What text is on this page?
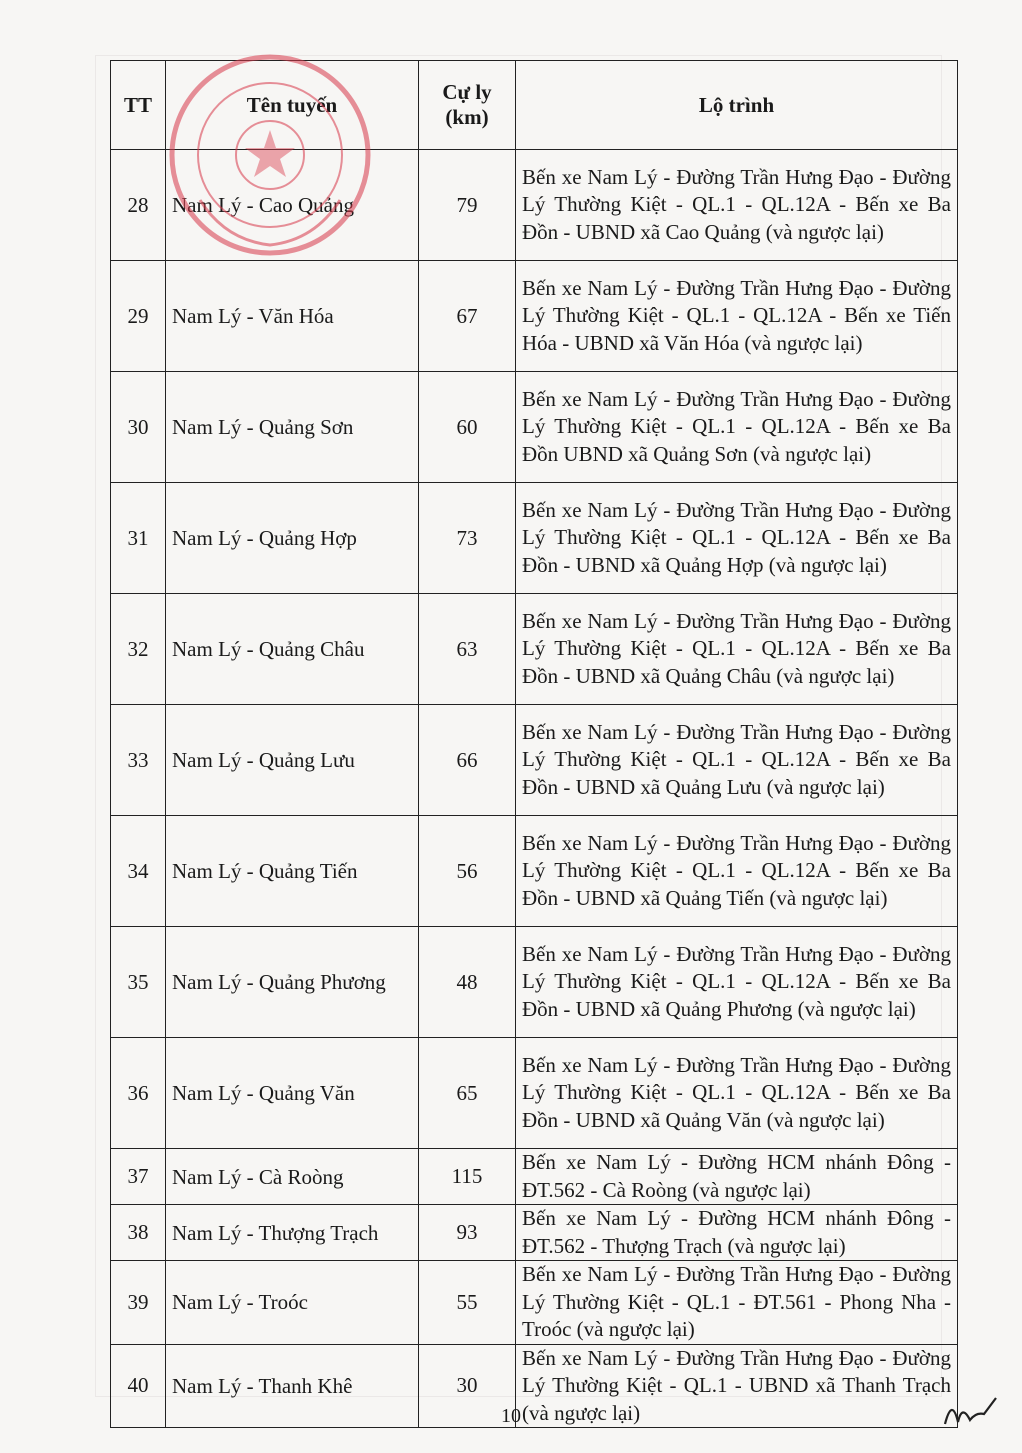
TT	Tên tuyến	Cự ly (km)	Lộ trình
28	Nam Lý - Cao Quảng	79	Bến xe Nam Lý - Đường Trần Hưng Đạo - Đường Lý Thường Kiệt - QL.1 - QL.12A - Bến xe Ba Đồn - UBND xã Cao Quảng (và ngược lại)
29	Nam Lý - Văn Hóa	67	Bến xe Nam Lý - Đường Trần Hưng Đạo - Đường Lý Thường Kiệt - QL.1 - QL.12A - Bến xe Tiến Hóa - UBND xã Văn Hóa (và ngược lại)
30	Nam Lý - Quảng Sơn	60	Bến xe Nam Lý - Đường Trần Hưng Đạo - Đường Lý Thường Kiệt - QL.1 - QL.12A - Bến xe Ba Đồn UBND xã Quảng Sơn (và ngược lại)
31	Nam Lý - Quảng Hợp	73	Bến xe Nam Lý - Đường Trần Hưng Đạo - Đường Lý Thường Kiệt - QL.1 - QL.12A - Bến xe Ba Đồn - UBND xã Quảng Hợp (và ngược lại)
32	Nam Lý - Quảng Châu	63	Bến xe Nam Lý - Đường Trần Hưng Đạo - Đường Lý Thường Kiệt - QL.1 - QL.12A - Bến xe Ba Đồn - UBND xã Quảng Châu (và ngược lại)
33	Nam Lý - Quảng Lưu	66	Bến xe Nam Lý - Đường Trần Hưng Đạo - Đường Lý Thường Kiệt - QL.1 - QL.12A - Bến xe Ba Đồn - UBND xã Quảng Lưu (và ngược lại)
34	Nam Lý - Quảng Tiến	56	Bến xe Nam Lý - Đường Trần Hưng Đạo - Đường Lý Thường Kiệt - QL.1 - QL.12A - Bến xe Ba Đồn - UBND xã Quảng Tiến (và ngược lại)
35	Nam Lý - Quảng Phương	48	Bến xe Nam Lý - Đường Trần Hưng Đạo - Đường Lý Thường Kiệt - QL.1 - QL.12A - Bến xe Ba Đồn - UBND xã Quảng Phương (và ngược lại)
36	Nam Lý - Quảng Văn	65	Bến xe Nam Lý - Đường Trần Hưng Đạo - Đường Lý Thường Kiệt - QL.1 - QL.12A - Bến xe Ba Đồn - UBND xã Quảng Văn (và ngược lại)
37	Nam Lý - Cà Roòng	115	Bến xe Nam Lý - Đường HCM nhánh Đông - ĐT.562 - Cà Roòng (và ngược lại)
38	Nam Lý - Thượng Trạch	93	Bến xe Nam Lý - Đường HCM nhánh Đông - ĐT.562 - Thượng Trạch (và ngược lại)
39	Nam Lý - Troóc	55	Bến xe Nam Lý - Đường Trần Hưng Đạo - Đường Lý Thường Kiệt - QL.1 - ĐT.561 - Phong Nha - Troóc (và ngược lại)
40	Nam Lý - Thanh Khê	30	Bến xe Nam Lý - Đường Trần Hưng Đạo - Đường Lý Thường Kiệt - QL.1 - UBND xã Thanh Trạch (và ngược lại)
10
